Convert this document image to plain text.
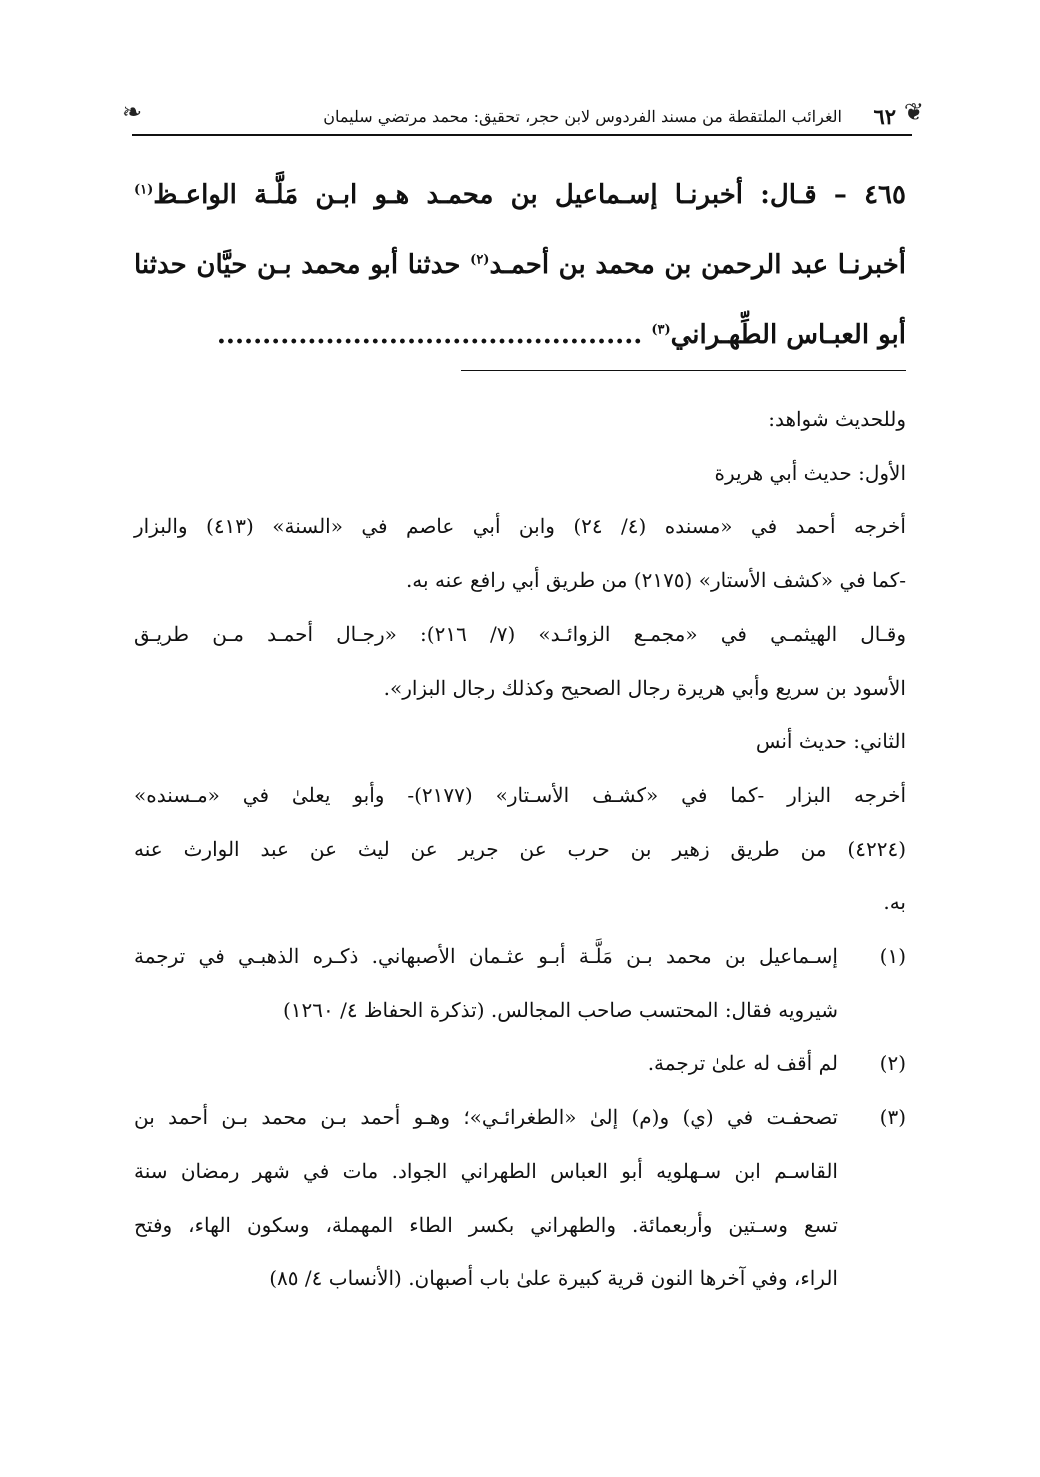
❦
٦٢
الغرائب الملتقطة من مسند الفردوس لابن حجر، تحقيق: محمد مرتضي سليمان
❧

٤٦٥ – قـال: أخبرنـا إسـماعيل بن محمـد هـو ابـن مَلَّـة الواعـظ$^{(١)}$

أخبرنـا عبد الرحمن بن محمد بن أحمـد$^{(٢)}$ حدثنا أبو محمد بـن حيَّان حدثنا

أبو العبـاس الطِّهـراني$^{(٣)}$ ...............................................

وللحديث شواهد:

الأول: حديث أبي هريرة

أخرجه أحمد في «مسنده (٤/ ٢٤) وابن أبي عاصم في «السنة» (٤١٣) والبزار

-كما في «كشف الأستار» (٢١٧٥) من طريق أبي رافع عنه به.

وقـال الهيثمـي في «مجمـع الزوائـد» (٧/ ٢١٦): «رجـال أحمـد مـن طريـق

الأسود بن سريع وأبي هريرة رجال الصحيح وكذلك رجال البزار».

الثاني: حديث أنس

أخرجه البزار -كما في «كشـف الأسـتار» (٢١٧٧)- وأبو يعلىٰ في «مـسنده»

(٤٢٢٤) من طريق زهير بن حرب عن جرير عن ليث عن عبد الوارث عنه

به.

(١)
إسـماعيل بن محمد بـن مَلَّـة أبـو عثـمان الأصبهاني. ذكـره الذهبـي في ترجمة
شيرويه فقال: المحتسب صاحب المجالس. (تذكرة الحفاظ ٤/ ١٢٦٠)
(٢)
لم أقف له علىٰ ترجمة.
(٣)
تصحفـت في (ي) و(م) إلىٰ «الطغرائـي»؛ وهـو أحمد بـن محمد بـن أحمد بن
القاسـم ابن سـهلويه أبو العباس الطهراني الجواد. مات في شهر رمضان سنة
تسع وسـتين وأربعمائة. والطهراني بكسر الطاء المهملة، وسكون الهاء، وفتح
الراء، وفي آخرها النون قرية كبيرة علىٰ باب أصبهان. (الأنساب ٤/ ٨٥)
